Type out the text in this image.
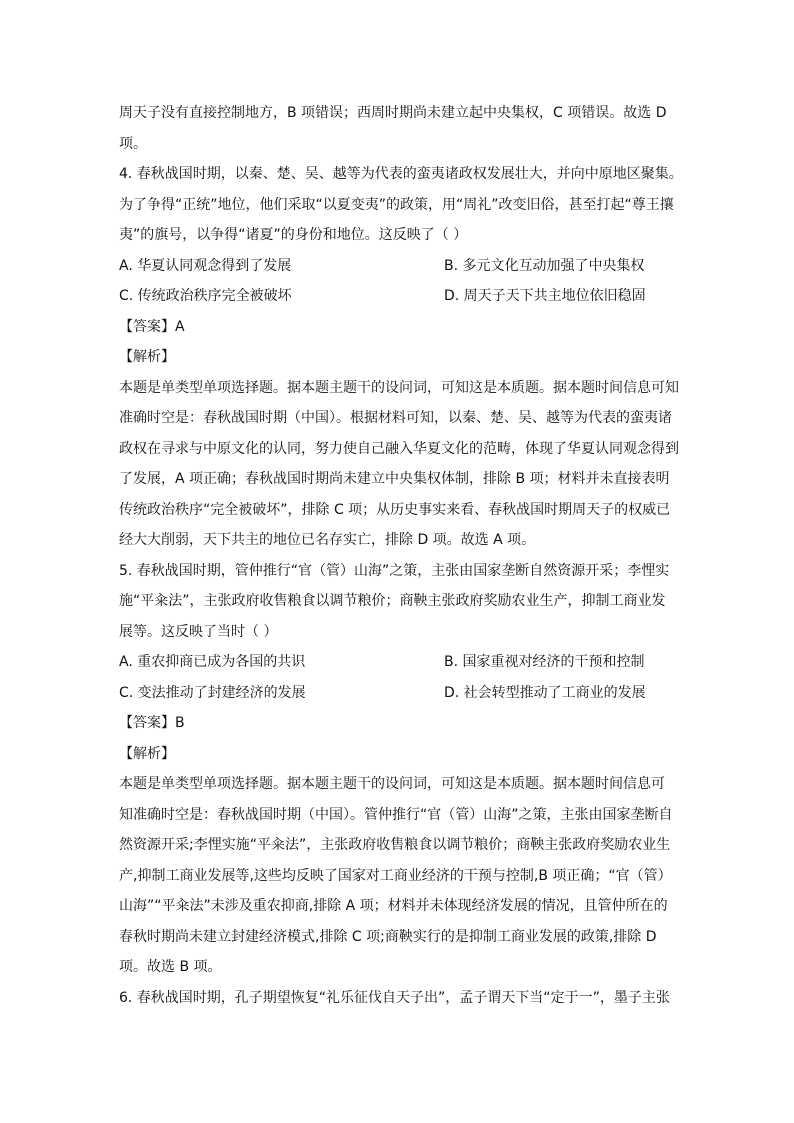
周天子没有直接控制地方，B 项错误；西周时期尚未建立起中央集权，C 项错误。故选 D
项。
4. 春秋战国时期，以秦、楚、吴、越等为代表的蛮夷诸政权发展壮大，并向中原地区聚集。
为了争得“正统”地位，他们采取“以夏变夷”的政策，用“周礼”改变旧俗，甚至打起“尊王攘
夷”的旗号，以争得“诸夏”的身份和地位。这反映了（ ）
A. 华夏认同观念得到了发展	B. 多元文化互动加强了中央集权
C. 传统政治秩序完全被破坏	D. 周天子天下共主地位依旧稳固
【答案】A
【解析】
本题是单类型单项选择题。据本题主题干的设问词，可知这是本质题。据本题时间信息可知
准确时空是：春秋战国时期（中国）。根据材料可知，以秦、楚、吴、越等为代表的蛮夷诸
政权在寻求与中原文化的认同，努力使自己融入华夏文化的范畴，体现了华夏认同观念得到
了发展，A 项正确；春秋战国时期尚未建立中央集权体制，排除 B 项；材料并未直接表明
传统政治秩序“完全被破坏”，排除 C 项；从历史事实来看、春秋战国时期周天子的权威已
经大大削弱，天下共主的地位已名存实亡，排除 D 项。故选 A 项。
5. 春秋战国时期，管仲推行“官（管）山海”之策，主张由国家垄断自然资源开采；李悝实
施“平籴法”，主张政府收售粮食以调节粮价；商鞅主张政府奖励农业生产，抑制工商业发
展等。这反映了当时（ ）
A. 重农抑商已成为各国的共识	B. 国家重视对经济的干预和控制
C. 变法推动了封建经济的发展	D. 社会转型推动了工商业的发展
【答案】B
【解析】
本题是单类型单项选择题。据本题主题干的设问词，可知这是本质题。据本题时间信息可
知准确时空是：春秋战国时期（中国）。管仲推行“官（管）山海”之策，主张由国家垄断自
然资源开采;李悝实施“平籴法”，主张政府收售粮食以调节粮价；商鞅主张政府奖励农业生
产,抑制工商业发展等,这些均反映了国家对工商业经济的干预与控制,B 项正确；“官（管）
山海”“平籴法”未涉及重农抑商,排除 A 项；材料并未体现经济发展的情况，且管仲所在的
春秋时期尚未建立封建经济模式,排除 C 项;商鞅实行的是抑制工商业发展的政策,排除 D
项。故选 B 项。
6. 春秋战国时期，孔子期望恢复“礼乐征伐自天子出”，孟子谓天下当“定于一”，墨子主张
